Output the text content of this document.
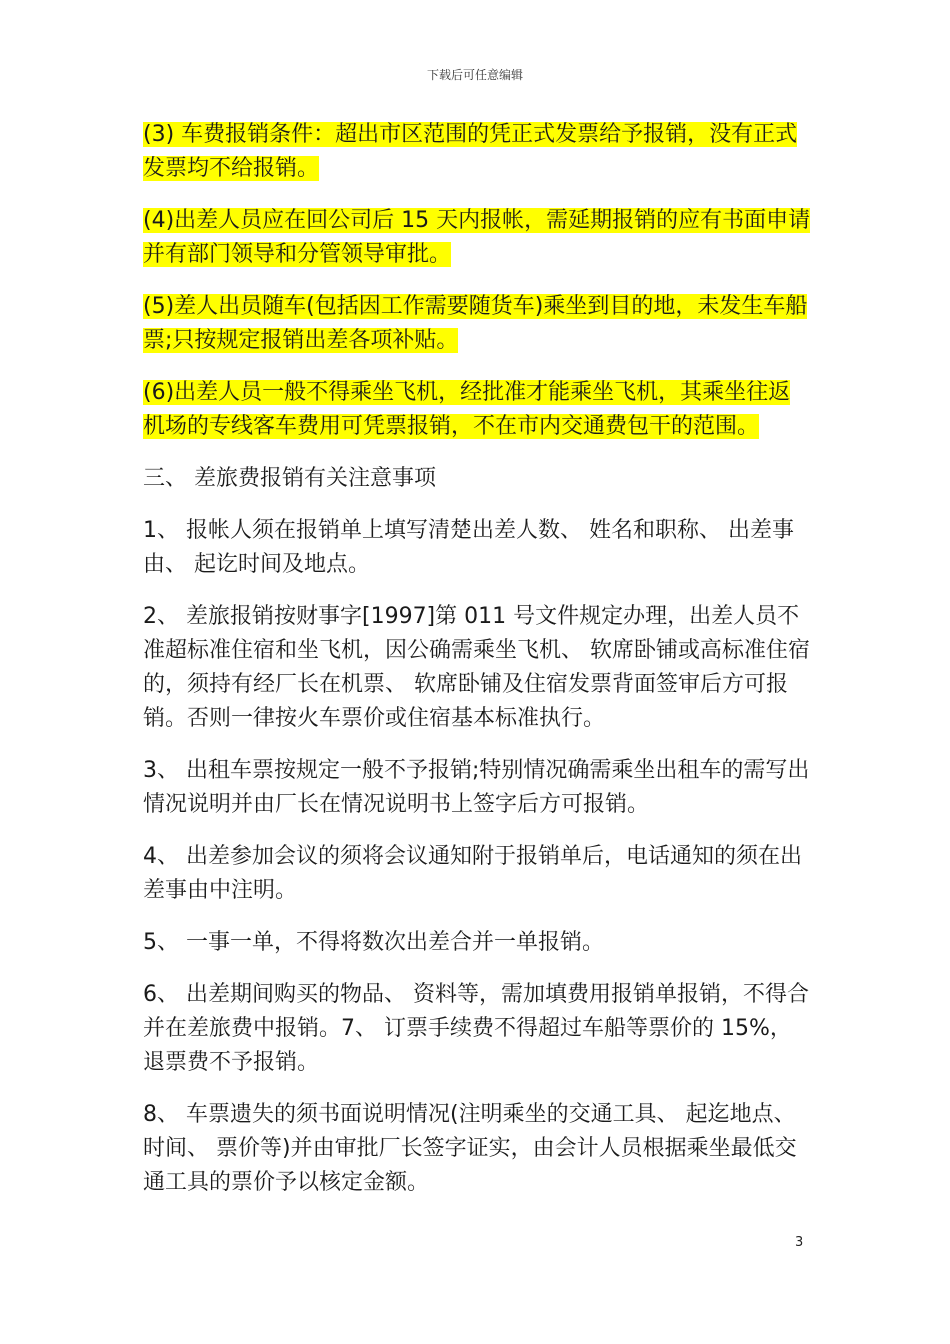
下载后可任意编辑

(3) 车费报销条件：超出市区范围的凭正式发票给予报销，没有正式发票均不给报销。

(4)出差人员应在回公司后 15 天内报帐，需延期报销的应有书面申请并有部门领导和分管领导审批。

(5)差人出员随车(包括因工作需要随货车)乘坐到目的地，未发生车船票;只按规定报销出差各项补贴。

(6)出差人员一般不得乘坐飞机，经批准才能乘坐飞机，其乘坐往返机场的专线客车费用可凭票报销，不在市内交通费包干的范围。

三、 差旅费报销有关注意事项

1、 报帐人须在报销单上填写清楚出差人数、 姓名和职称、 出差事由、 起讫时间及地点。

2、 差旅报销按财事字[1997]第 011 号文件规定办理，出差人员不准超标准住宿和坐飞机，因公确需乘坐飞机、 软席卧铺或高标准住宿的，须持有经厂长在机票、 软席卧铺及住宿发票背面签审后方可报销。否则一律按火车票价或住宿基本标准执行。

3、 出租车票按规定一般不予报销;特别情况确需乘坐出租车的需写出情况说明并由厂长在情况说明书上签字后方可报销。

4、 出差参加会议的须将会议通知附于报销单后，电话通知的须在出差事由中注明。

5、 一事一单，不得将数次出差合并一单报销。

6、 出差期间购买的物品、 资料等，需加填费用报销单报销，不得合并在差旅费中报销。7、 订票手续费不得超过车船等票价的 15%，退票费不予报销。

8、 车票遗失的须书面说明情况(注明乘坐的交通工具、 起迄地点、 时间、 票价等)并由审批厂长签字证实，由会计人员根据乘坐最低交通工具的票价予以核定金额。

3
